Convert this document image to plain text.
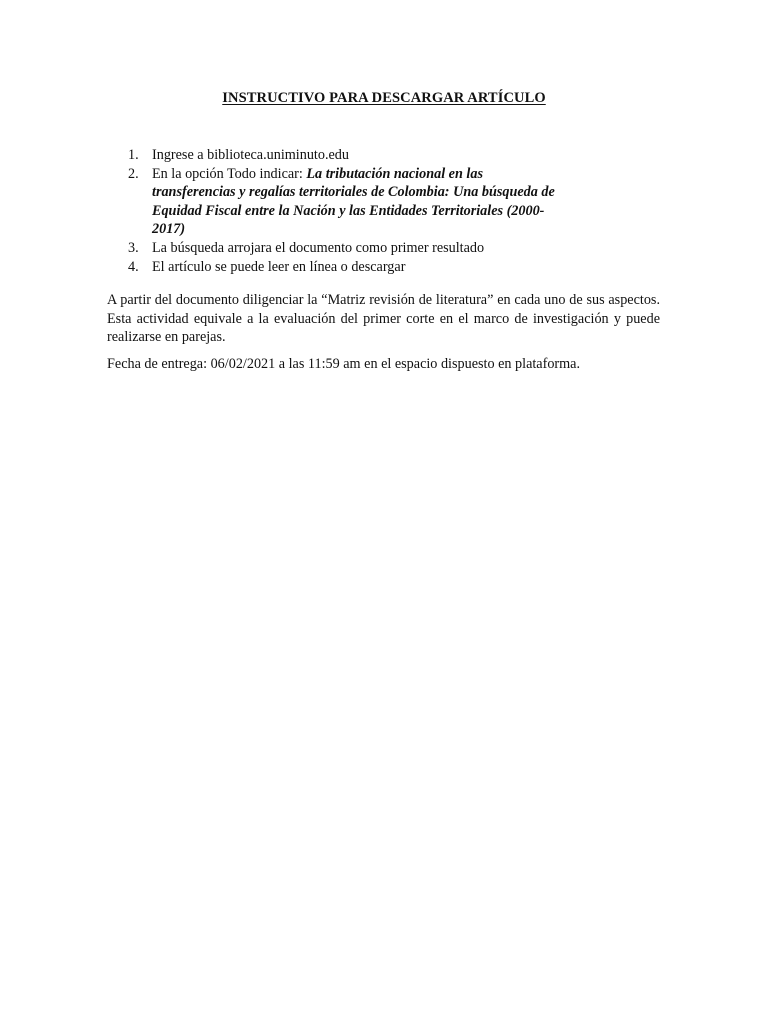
INSTRUCTIVO PARA DESCARGAR ARTÍCULO
1. Ingrese a biblioteca.uniminuto.edu
2. En la opción Todo indicar: La tributación nacional en las transferencias y regalías territoriales de Colombia: Una búsqueda de Equidad Fiscal entre la Nación y las Entidades Territoriales (2000-2017)
3. La búsqueda arrojara el documento como primer resultado
4. El artículo se puede leer en línea o descargar

A partir del documento diligenciar la “Matriz revisión de literatura” en cada uno de sus aspectos. Esta actividad equivale a la evaluación del primer corte en el marco de investigación y puede realizarse en parejas.

Fecha de entrega: 06/02/2021 a las 11:59 am en el espacio dispuesto en plataforma.
